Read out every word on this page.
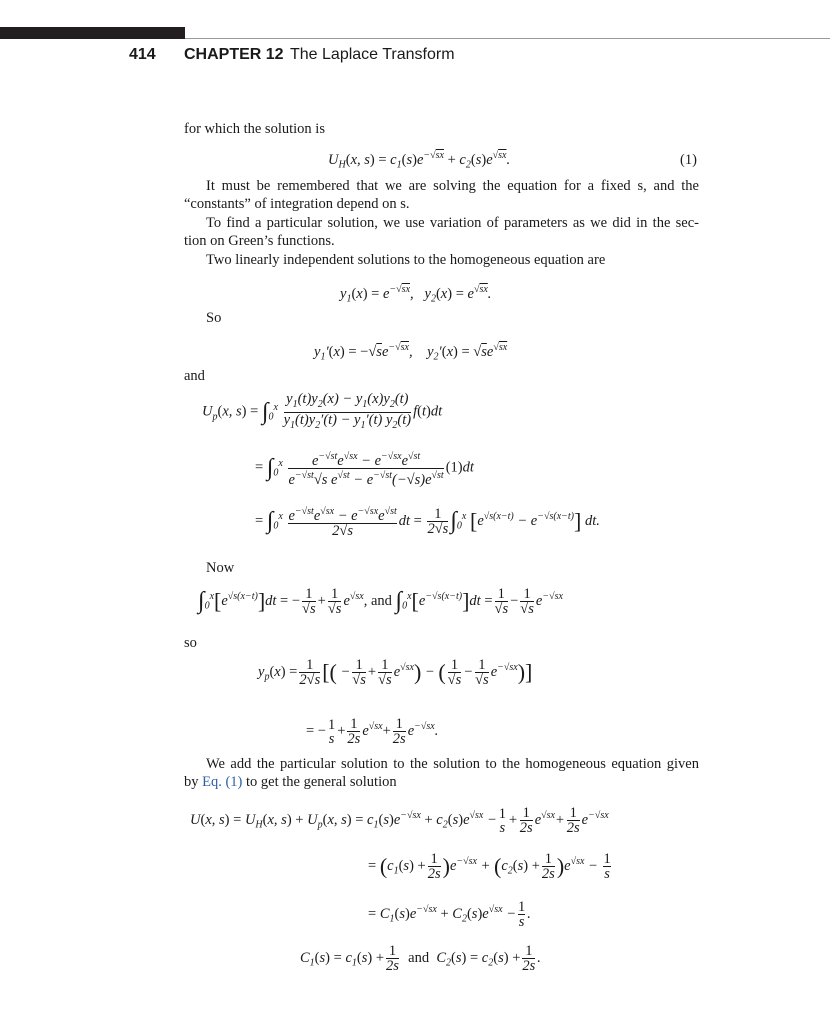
414 CHAPTER 12 The Laplace Transform
for which the solution is
$U_H(x$, $s) = c_1(s)e^{-√sx} + c_2(s)e^{√sx}$.	(1)
It must be remembered that we are solving the equation for a fixed s, and the
“constants” of integration depend on s.
To find a particular solution, we use variation of parameters as we did in the sec-
tion on Green’s functions.
Two linearly independent solutions to the homogeneous equation are
$y_1(x) = e^{-√sx}$,   $y_2(x) = e^{√sx}$.
So
$y_1'(x) = -√se^{-√sx}$,    $y_2'(x) = √se^{√sx}$
and
$U_p(x$, $s) = \int_0^x \frac{y_1(t)y_2(x) - y_1(x)y_2(t)}{y_1(t)y_2'(t) - y_1'(t) y_2(t)} f(t)dt$
= $\int_0^x \frac{e^{-√st}e^{√sx} - e^{-√sx}e^{√st}}{e^{-√st}√s e^{√st} - e^{-√st}(-√s)e^{√st}} (1)dt$
= $\int_0^x \frac{e^{-√st}e^{√sx} - e^{-√sx}e^{√st}}{2√s}$ dt = $\frac{1}{2√s} \int_0^x$ $[e^{√s(x-t)} - e^{-√s(x-t)}]$ dt.
Now
$\int_0^x[e^{√s(x-t)}]dt$ = − $\frac{1}{√s} + \frac{1}{√s} e^{√sx}$, and $\int_0^x[e^{-√s(x-t)}]dt = \frac{1}{√s} - \frac{1}{√s} e^{-√sx}$
so
$y_p(x) = \frac{1}{2√s}$ [( − $\frac{1}{√s} + \frac{1}{√s} e^{√sx}$) − ( $\frac{1}{√s} - \frac{1}{√s} e^{-√sx}$)]
= − 1
$s + \frac{1}{2s} e^{√sx}+ \frac{1}{2s} e^{-√sx}$.
We add the particular solution to the solution to the homogeneous equation given
by Eq. (1) to get the general solution
U(x, $s) = U_H(x$, $s) + U_p(x$, $s) = c_1(s)e^{-√sx} + c_2(s)e^{√sx} - 1$
$s + \frac{1}{2s} e^{√sx}+ \frac{1}{2s} e^{-√sx}$
= $(c_1(s) + \frac{1}{2s} )e^{-√sx} + (c_2(s) + \frac{1}{2s} )e^{√sx} - \frac{1}{s}$
= $C_1(s)e^{-√sx} + C_2(s)e^{√sx} - \frac{1}{s}$ .
$C_1(s) = c_1(s) + \frac{1}{2s}$ and  $C_2(s) = c_2(s) + \frac{1}{2s}$ .
